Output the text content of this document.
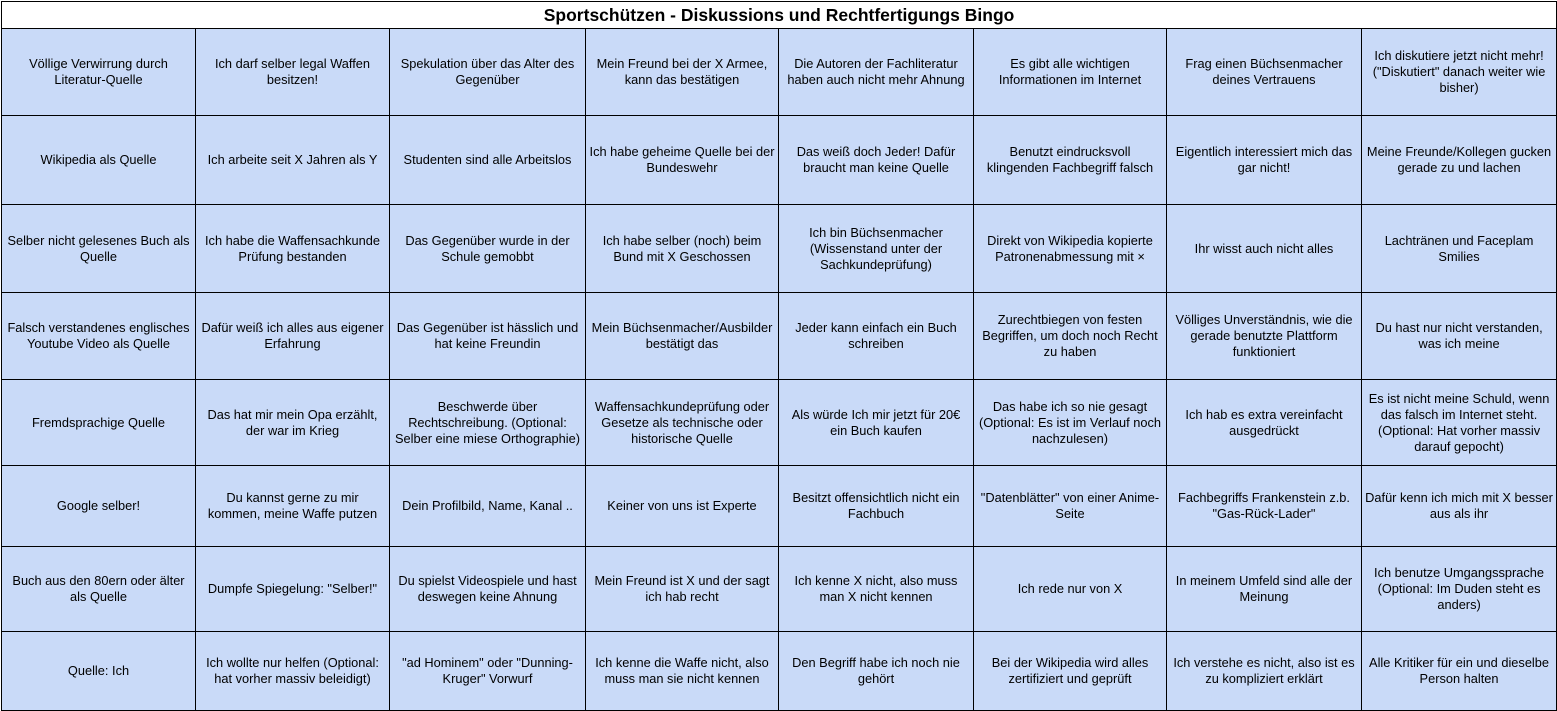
Sportschützen - Diskussions und Rechtfertigungs Bingo							
Völlige Verwirrung durch Literatur-Quelle	Ich darf selber legal Waffen besitzen!	Spekulation über das Alter des Gegenüber	Mein Freund bei der X Armee, kann das bestätigen	Die Autoren der Fachliteratur haben auch nicht mehr Ahnung	Es gibt alle wichtigen Informationen im Internet	Frag einen Büchsenmacher deines Vertrauens	Ich diskutiere jetzt nicht mehr! ("Diskutiert" danach weiter wie bisher)
Wikipedia als Quelle	Ich arbeite seit X Jahren als Y	Studenten sind alle Arbeitslos	Ich habe geheime Quelle bei der Bundeswehr	Das weiß doch Jeder! Dafür braucht man keine Quelle	Benutzt eindrucksvoll klingenden Fachbegriff falsch	Eigentlich interessiert mich das gar nicht!	Meine Freunde/Kollegen gucken gerade zu und lachen
Selber nicht gelesenes Buch als Quelle	Ich habe die Waffensachkunde Prüfung bestanden	Das Gegenüber wurde in der Schule gemobbt	Ich habe selber (noch) beim Bund mit X Geschossen	Ich bin Büchsenmacher (Wissenstand unter der Sachkundeprüfung)	Direkt von Wikipedia kopierte Patronenabmessung mit ×	Ihr wisst auch nicht alles	Lachtränen und Faceplam Smilies
Falsch verstandenes englisches Youtube Video als Quelle	Dafür weiß ich alles aus eigener Erfahrung	Das Gegenüber ist hässlich und hat keine Freundin	Mein Büchsenmacher/Ausbilder bestätigt das	Jeder kann einfach ein Buch schreiben	Zurechtbiegen von festen Begriffen, um doch noch Recht zu haben	Völliges Unverständnis, wie die gerade benutzte Plattform funktioniert	Du hast nur nicht verstanden, was ich meine
Fremdsprachige Quelle	Das hat mir mein Opa erzählt, der war im Krieg	Beschwerde über Rechtschreibung. (Optional: Selber eine miese Orthographie)	Waffensachkundeprüfung oder Gesetze als technische oder historische Quelle	Als würde Ich mir jetzt für 20€ ein Buch kaufen	Das habe ich so nie gesagt (Optional: Es ist im Verlauf noch nachzulesen)	Ich hab es extra vereinfacht ausgedrückt	Es ist nicht meine Schuld, wenn das falsch im Internet steht. (Optional: Hat vorher massiv darauf gepocht)
Google selber!	Du kannst gerne zu mir kommen, meine Waffe putzen	Dein Profilbild, Name, Kanal ..	Keiner von uns ist Experte	Besitzt offensichtlich nicht ein Fachbuch	"Datenblätter" von einer Anime-Seite	Fachbegriffs Frankenstein z.b. "Gas-Rück-Lader"	Dafür kenn ich mich mit X besser aus als ihr
Buch aus den 80ern oder älter als Quelle	Dumpfe Spiegelung: "Selber!"	Du spielst Videospiele und hast deswegen keine Ahnung	Mein Freund ist X und der sagt ich hab recht	Ich kenne X nicht, also muss man X nicht kennen	Ich rede nur von X	In meinem Umfeld sind alle der Meinung	Ich benutze Umgangssprache (Optional: Im Duden steht es anders)
Quelle: Ich	Ich wollte nur helfen (Optional: hat vorher massiv beleidigt)	"ad Hominem" oder "Dunning-Kruger" Vorwurf	Ich kenne die Waffe nicht, also muss man sie nicht kennen	Den Begriff habe ich noch nie gehört	Bei der Wikipedia wird alles zertifiziert und geprüft	Ich verstehe es nicht, also ist es zu kompliziert erklärt	Alle Kritiker für ein und dieselbe Person halten
